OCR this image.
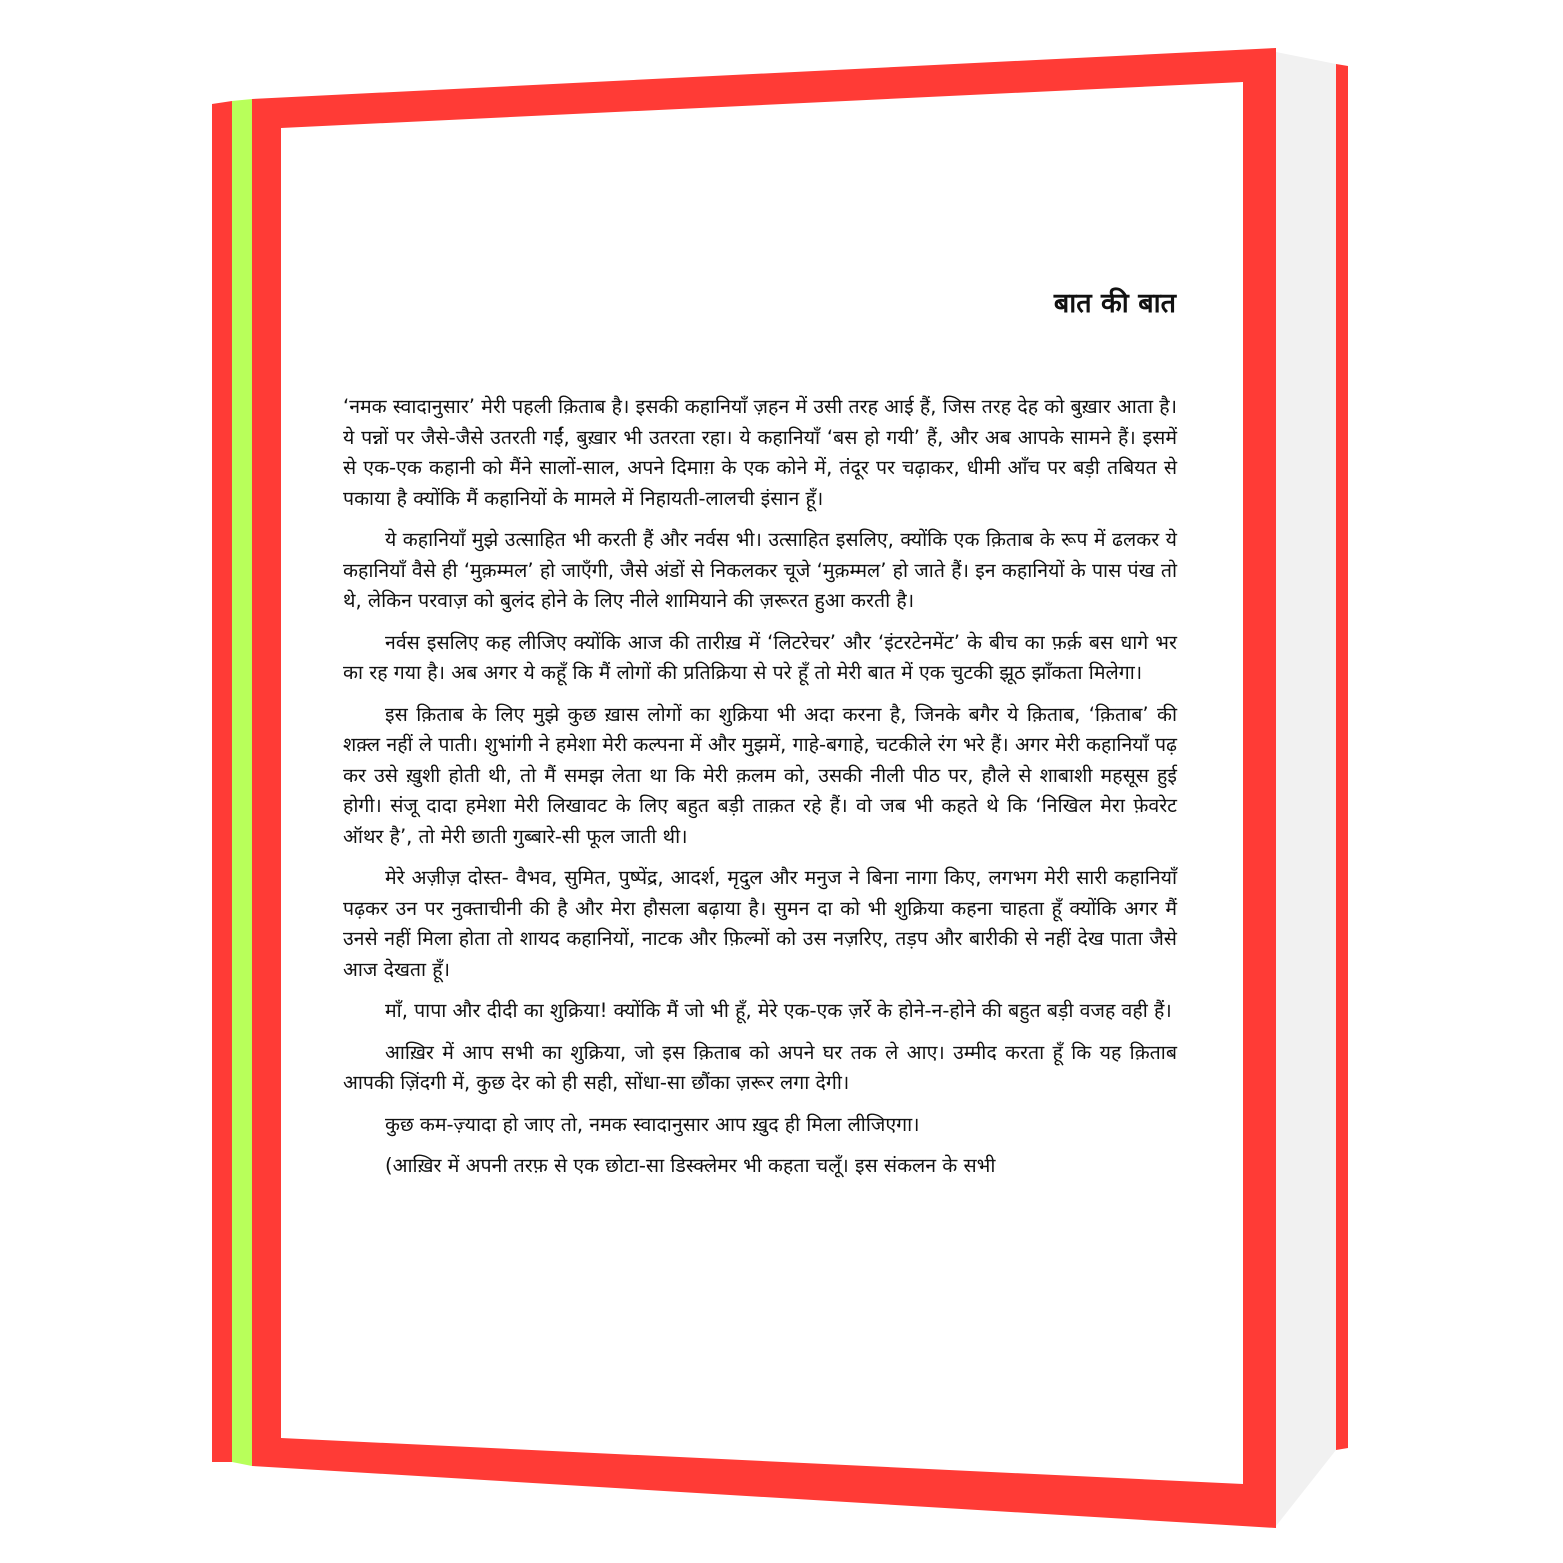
बात की बात

‘नमक स्वादानुसार’ मेरी पहली क़िताब है। इसकी कहानियाँ ज़हन में उसी तरह आई हैं, जिस तरह देह को बुख़ार आता है। ये पन्नों पर जैसे-जैसे उतरती गईं, बुख़ार भी उतरता रहा। ये कहानियाँ ‘बस हो गयी’ हैं, और अब आपके सामने हैं। इसमें से एक-एक कहानी को मैंने सालों-साल, अपने दिमाग़ के एक कोने में, तंदूर पर चढ़ाकर, धीमी आँच पर बड़ी तबियत से पकाया है क्योंकि मैं कहानियों के मामले में निहायती-लालची इंसान हूँ।

ये कहानियाँ मुझे उत्साहित भी करती हैं और नर्वस भी। उत्साहित इसलिए, क्योंकि एक क़िताब के रूप में ढलकर ये कहानियाँ वैसे ही ‘मुक़म्मल’ हो जाएँगी, जैसे अंडों से निकलकर चूजे ‘मुक़म्मल’ हो जाते हैं। इन कहानियों के पास पंख तो थे, लेकिन परवाज़ को बुलंद होने के लिए नीले शामियाने की ज़रूरत हुआ करती है।

नर्वस इसलिए कह लीजिए क्योंकि आज की तारीख़ में ‘लिटरेचर’ और ‘इंटरटेनमेंट’ के बीच का फ़र्क़ बस धागे भर का रह गया है। अब अगर ये कहूँ कि मैं लोगों की प्रतिक्रिया से परे हूँ तो मेरी बात में एक चुटकी झूठ झाँकता मिलेगा।

इस क़िताब के लिए मुझे कुछ ख़ास लोगों का शुक्रिया भी अदा करना है, जिनके बगैर ये क़िताब, ‘क़िताब’ की शक़्ल नहीं ले पाती। शुभांगी ने हमेशा मेरी कल्पना में और मुझमें, गाहे-बगाहे, चटकीले रंग भरे हैं। अगर मेरी कहानियाँ पढ़ कर उसे ख़ुशी होती थी, तो मैं समझ लेता था कि मेरी क़लम को, उसकी नीली पीठ पर, हौले से शाबाशी महसूस हुई होगी। संजू दादा हमेशा मेरी लिखावट के लिए बहुत बड़ी ताक़त रहे हैं। वो जब भी कहते थे कि ‘निखिल मेरा फ़ेवरेट ऑथर है’, तो मेरी छाती गुब्बारे-सी फूल जाती थी।

मेरे अज़ीज़ दोस्त- वैभव, सुमित, पुष्पेंद्र, आदर्श, मृदुल और मनुज ने बिना नागा किए, लगभग मेरी सारी कहानियाँ पढ़कर उन पर नुक्ताचीनी की है और मेरा हौसला बढ़ाया है। सुमन दा को भी शुक्रिया कहना चाहता हूँ क्योंकि अगर मैं उनसे नहीं मिला होता तो शायद कहानियों, नाटक और फ़िल्मों को उस नज़रिए, तड़प और बारीकी से नहीं देख पाता जैसे आज देखता हूँ।

माँ, पापा और दीदी का शुक्रिया! क्योंकि मैं जो भी हूँ, मेरे एक-एक ज़र्रे के होने-न-होने की बहुत बड़ी वजह वही हैं।

आख़िर में आप सभी का शुक्रिया, जो इस क़िताब को अपने घर तक ले आए। उम्मीद करता हूँ कि यह क़िताब आपकी ज़िंदगी में, कुछ देर को ही सही, सोंधा-सा छौंका ज़रूर लगा देगी।

कुछ कम-ज़्यादा हो जाए तो, नमक स्वादानुसार आप ख़ुद ही मिला लीजिएगा।

(आख़िर में अपनी तरफ़ से एक छोटा-सा डिस्क्लेमर भी कहता चलूँ। इस संकलन के सभी
